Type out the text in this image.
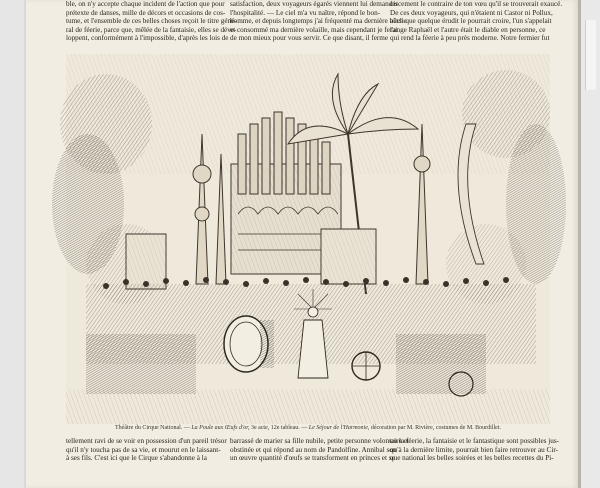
ble, on n'y accepte chaque incident de l'action que pour
prétexte de danses, mille de décors et occasions de cos-
tume, et l'ensemble de ces belles choses reçoit le titre géné-
ral de féerie, parce que, mêlée de la fantaisie, elles se déve-
loppent, conformément à l'impossible, d'après les lois de
satisfaction, deux voyageurs égarés viennent lui demander
l'hospitalité. — Le ciel m'a vu naître, répond le bon-
homme, et depuis longtemps j'ai fréquenté ma dernière bûche
et consommé ma dernière volaille, mais cependant je ferai
de mon mieux pour vous servir. Ce que disant, il ferme
ciscement le contraire de ton vœu qu'il se trouverait exaucé.
De ces deux voyageurs, qui n'étaient ni Castor ni Pollux,
ainsi que quelque érudit le pourrait croire, l'un s'appelait
l'ange Raphaël et l'autre était le diable en personne, ce
qui rend la féerie à peu près moderne. Notre fermier fut
Théâtre du Cirque National. — La Poule aux Œufs d'or, 3e acte, 12e tableau. — Le Séjour de l'Harmonie, décoration par M. Rivière, costumes de M. Bourdillet.
tellement ravi de se voir en possession d'un pareil trésor
qu'il n'y toucha pas de sa vie, et mourut en le laissant-
à ses fils. C'est ici que le Cirque s'abandonne à la
barrassé de marier sa fille nubile, petite personne volontaire et
obstinée et qui répond au nom de Pandolfine. Annibal son
un œuvre quantité d'œufs se transforment en princes et se
ou la féerie, la fantaisie et le fantastique sont possibles jus-
qu'à la dernière limite, pourrait bien faire retrouver au Cir-
que national les belles soirées et les belles recettes du Pi-
